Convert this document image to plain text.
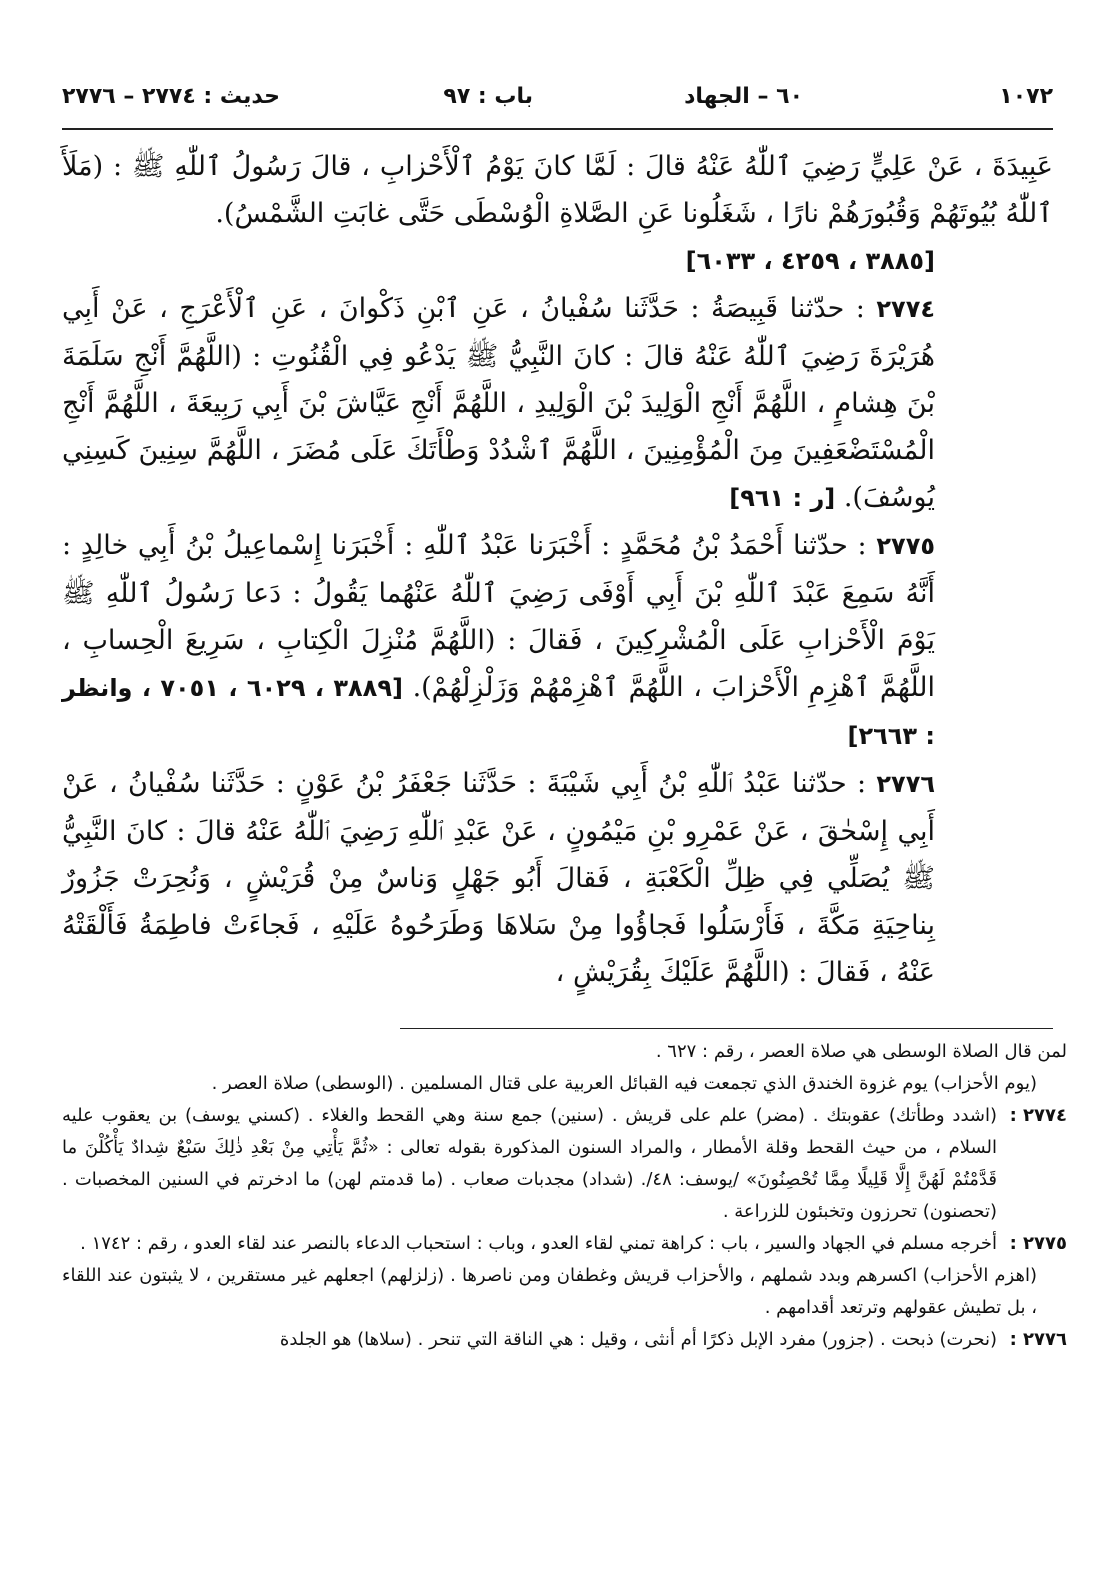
١٠٧٢
٦٠ – الجهاد
باب : ٩٧
حديث : ٢٧٧٤ – ٢٧٧٦

عَبِيدَةَ ، عَنْ عَلِيٍّ رَضِيَ ٱللّٰهُ عَنْهُ قالَ : لَمَّا كانَ يَوْمُ ٱلْأَحْزابِ ، قالَ رَسُولُ ٱللّٰهِ ﷺ : (مَلَأَ ٱللّٰهُ بُيُوتَهُمْ وَقُبُورَهُمْ نارًا ، شَغَلُونا عَنِ الصَّلاةِ الْوُسْطَى حَتَّى غابَتِ الشَّمْسُ).

[٣٨٨٥ ، ٤٢٥٩ ، ٦٠٣٣]

٢٧٧٤ : حدّثنا قَبِيصَةُ : حَدَّثَنا سُفْيانُ ، عَنِ ٱبْنِ ذَكْوانَ ، عَنِ ٱلْأَعْرَجِ ، عَنْ أَبِي هُرَيْرَةَ رَضِيَ ٱللّٰهُ عَنْهُ قالَ : كانَ النَّبِيُّ ﷺ يَدْعُو فِي الْقُنُوتِ : (اللَّهُمَّ أَنْجِ سَلَمَةَ بْنَ هِشامٍ ، اللَّهُمَّ أَنْجِ الْوَلِيدَ بْنَ الْوَلِيدِ ، اللَّهُمَّ أَنْجِ عَيَّاشَ بْنَ أَبِي رَبِيعَةَ ، اللَّهُمَّ أَنْجِ الْمُسْتَضْعَفِينَ مِنَ الْمُؤْمِنِينَ ، اللَّهُمَّ ٱشْدُدْ وَطْأَتَكَ عَلَى مُضَرَ ، اللَّهُمَّ سِنِينَ كَسِنِي يُوسُفَ). [ر : ٩٦١]

٢٧٧٥ : حدّثنا أَحْمَدُ بْنُ مُحَمَّدٍ : أَخْبَرَنا عَبْدُ ٱللّٰهِ : أَخْبَرَنا إِسْماعِيلُ بْنُ أَبِي خالِدٍ : أَنَّهُ سَمِعَ عَبْدَ ٱللّٰهِ بْنَ أَبِي أَوْفَى رَضِيَ ٱللّٰهُ عَنْهُما يَقُولُ : دَعا رَسُولُ ٱللّٰهِ ﷺ يَوْمَ الْأَحْزابِ عَلَى الْمُشْرِكِينَ ، فَقالَ : (اللَّهُمَّ مُنْزِلَ الْكِتابِ ، سَرِيعَ الْحِسابِ ، اللَّهُمَّ ٱهْزِمِ الْأَحْزابَ ، اللَّهُمَّ ٱهْزِمْهُمْ وَزَلْزِلْهُمْ). [٣٨٨٩ ، ٦٠٢٩ ، ٧٠٥١ ، وانظر : ٢٦٦٣]

٢٧٧٦ : حدّثنا عَبْدُ ٱللّٰهِ بْنُ أَبِي شَيْبَةَ : حَدَّثَنا جَعْفَرُ بْنُ عَوْنٍ : حَدَّثَنا سُفْيانُ ، عَنْ أَبِي إِسْحٰقَ ، عَنْ عَمْرِو بْنِ مَيْمُونٍ ، عَنْ عَبْدِ ٱللّٰهِ رَضِيَ ٱللّٰهُ عَنْهُ قالَ : كانَ النَّبِيُّ ﷺ يُصَلِّي فِي ظِلِّ الْكَعْبَةِ ، فَقالَ أَبُو جَهْلٍ وَناسٌ مِنْ قُرَيْشٍ ، وَنُحِرَتْ جَزُورٌ بِناحِيَةِ مَكَّةَ ، فَأَرْسَلُوا فَجاؤُوا مِنْ سَلاهَا وَطَرَحُوهُ عَلَيْهِ ، فَجاءَتْ فاطِمَةُ فَأَلْقَتْهُ عَنْهُ ، فَقالَ : (اللَّهُمَّ عَلَيْكَ بِقُرَيْشٍ ،

لمن قال الصلاة الوسطى هي صلاة العصر ، رقم : ٦٢٧ .

(يوم الأحزاب) يوم غزوة الخندق الذي تجمعت فيه القبائل العربية على قتال المسلمين . (الوسطى) صلاة العصر .

٢٧٧٤ :

(اشدد وطأتك) عقوبتك . (مضر) علم على قريش . (سنين) جمع سنة وهي القحط والغلاء . (كسني يوسف) بن يعقوب عليه السلام ، من حيث القحط وقلة الأمطار ، والمراد السنون المذكورة بقوله تعالى : «ثُمَّ يَأْتِي مِنْ بَعْدِ ذٰلِكَ سَبْعٌ شِدادٌ يَأْكُلْنَ ما قَدَّمْتُمْ لَهُنَّ إِلَّا قَلِيلًا مِمَّا تُحْصِنُونَ» /يوسف: ٤٨/. (شداد) مجدبات صعاب . (ما قدمتم لهن) ما ادخرتم في السنين المخصبات . (تحصنون) تحرزون وتخبئون للزراعة .

٢٧٧٥ :

أخرجه مسلم في الجهاد والسير ، باب : كراهة تمني لقاء العدو ، وباب : استحباب الدعاء بالنصر عند لقاء العدو ، رقم : ١٧٤٢ .

(اهزم الأحزاب) اكسرهم وبدد شملهم ، والأحزاب قريش وغطفان ومن ناصرها . (زلزلهم) اجعلهم غير مستقرين ، لا يثبتون عند اللقاء ، بل تطيش عقولهم وترتعد أقدامهم .

٢٧٧٦ :

(نحرت) ذبحت . (جزور) مفرد الإبل ذكرًا أم أنثى ، وقيل : هي الناقة التي تنحر . (سلاها) هو الجلدة
